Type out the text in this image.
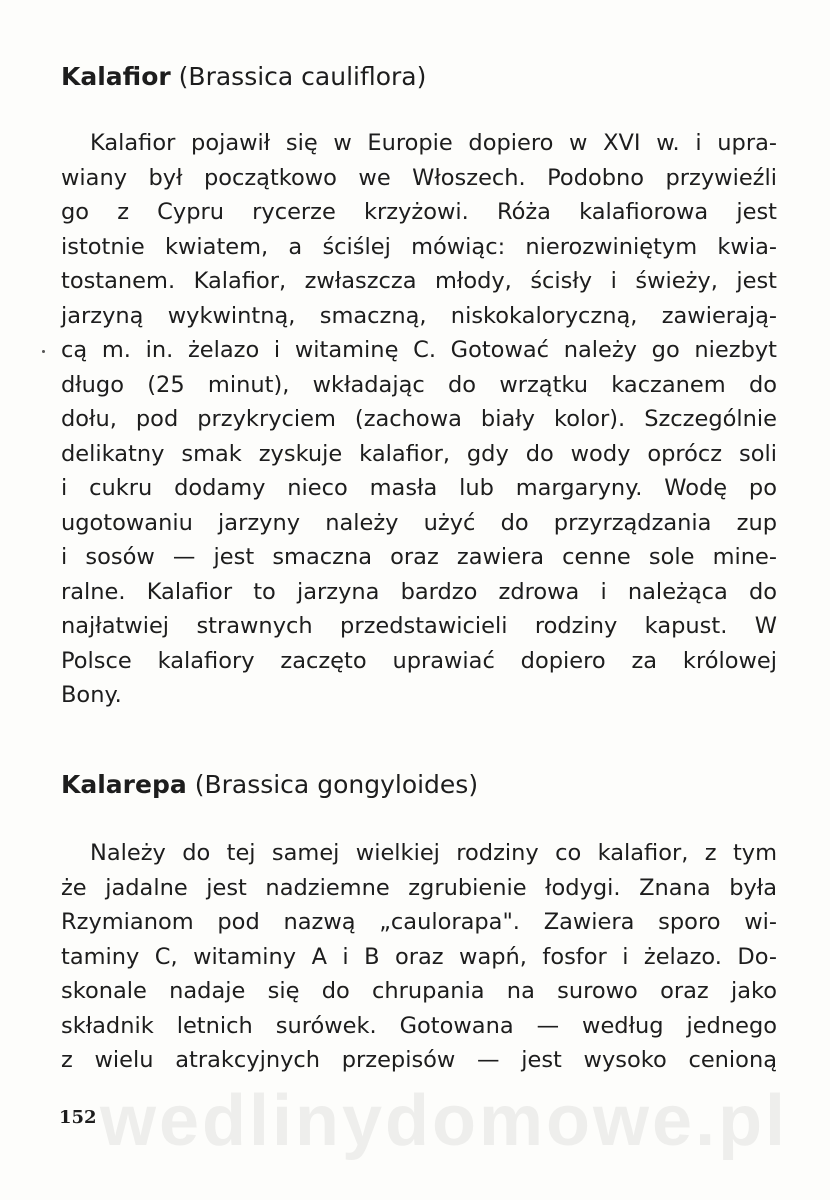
Kalafior (Brassica cauliflora)
Kalafior pojawił się w Europie dopiero w XVI w. i upra-
wiany był początkowo we Włoszech. Podobno przywieźli
go z Cypru rycerze krzyżowi. Róża kalafiorowa jest
istotnie kwiatem, a ściślej mówiąc: nierozwiniętym kwia-
tostanem. Kalafior, zwłaszcza młody, ścisły i świeży, jest
jarzyną wykwintną, smaczną, niskokaloryczną, zawierają-
cą m. in. żelazo i witaminę C. Gotować należy go niezbyt
długo (25 minut), wkładając do wrzątku kaczanem do
dołu, pod przykryciem (zachowa biały kolor). Szczególnie
delikatny smak zyskuje kalafior, gdy do wody oprócz soli
i cukru dodamy nieco masła lub margaryny. Wodę po
ugotowaniu jarzyny należy użyć do przyrządzania zup
i sosów — jest smaczna oraz zawiera cenne sole mine-
ralne. Kalafior to jarzyna bardzo zdrowa i należąca do
najłatwiej strawnych przedstawicieli rodziny kapust. W
Polsce kalafiory zaczęto uprawiać dopiero za królowej
Bony.
Kalarepa (Brassica gongyloides)
Należy do tej samej wielkiej rodziny co kalafior, z tym
że jadalne jest nadziemne zgrubienie łodygi. Znana była
Rzymianom pod nazwą „caulorapa". Zawiera sporo wi-
taminy C, witaminy A i B oraz wapń, fosfor i żelazo. Do-
skonale nadaje się do chrupania na surowo oraz jako
składnik letnich surówek. Gotowana — według jednego
z wielu atrakcyjnych przepisów — jest wysoko cenioną
wedlinydomowe.pl
152
